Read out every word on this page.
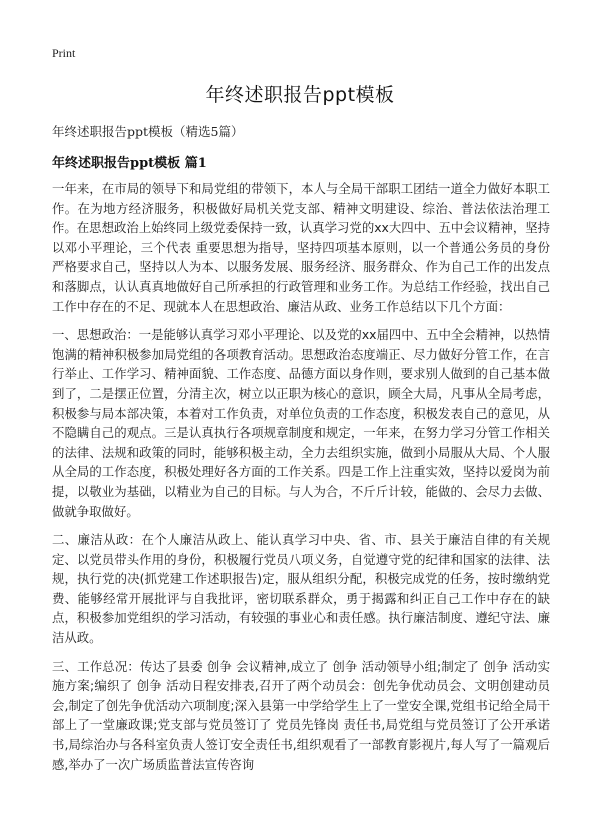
Print
年终述职报告ppt模板
年终述职报告ppt模板（精选5篇）
年终述职报告ppt模板 篇1

一年来，在市局的领导下和局党组的带领下，本人与全局干部职工团结一道全力做好本职工作。在为地方经济服务，积极做好局机关党支部、精神文明建设、综治、普法依法治理工作。在思想政治上始终同上级党委保持一致，认真学习党的xx大四中、五中会议精神，坚持以邓小平理论，三个代表 重要思想为指导，坚持四项基本原则，以一个普通公务员的身份严格要求自己，坚持以人为本、以服务发展、服务经济、服务群众、作为自己工作的出发点和落脚点，认认真真地做好自己所承担的行政管理和业务工作。为总结工作经验，找出自己工作中存在的不足、现就本人在思想政治、廉洁从政、业务工作总结以下几个方面：

一、思想政治：一是能够认真学习邓小平理论、以及党的xx届四中、五中全会精神，以热情饱满的精神积极参加局党组的各项教育活动。思想政治态度端正、尽力做好分管工作，在言行举止、工作学习、精神面貌、工作态度、品德方面以身作则，要求别人做到的自己基本做到了，二是摆正位置，分清主次，树立以正职为核心的意识，顾全大局，凡事从全局考虑，积极参与局本部决策，本着对工作负责，对单位负责的工作态度，积极发表自己的意见，从不隐瞒自己的观点。三是认真执行各项规章制度和规定，一年来，在努力学习分管工作相关的法律、法规和政策的同时，能够积极主动，全力去组织实施，做到小局服从大局、个人服从全局的工作态度，积极处理好各方面的工作关系。四是工作上注重实效，坚持以爱岗为前提，以敬业为基础，以精业为自己的目标。与人为合，不斤斤计较，能做的、会尽力去做、做就争取做好。

二、廉洁从政：在个人廉洁从政上、能认真学习中央、省、市、县关于廉洁自律的有关规定、以党员带头作用的身份，积极履行党员八项义务，自觉遵守党的纪律和国家的法律、法规，执行党的决(抓党建工作述职报告)定，服从组织分配，积极完成党的任务，按时缴纳党费、能够经常开展批评与自我批评，密切联系群众，勇于揭露和纠正自己工作中存在的缺点，积极参加党组织的学习活动，有较强的事业心和责任感。执行廉洁制度、遵纪守法、廉洁从政。

三、工作总况：传达了县委 创争 会议精神,成立了 创争 活动领导小组;制定了 创争 活动实施方案;编织了 创争 活动日程安排表,召开了两个动员会：创先争优动员会、文明创建动员会,制定了创先争优活动六项制度;深入县第一中学给学生上了一堂安全课,党组书记给全局干部上了一堂廉政课;党支部与党员签订了 党员先锋岗 责任书,局党组与党员签订了公开承诺书,局综治办与各科室负责人签订安全责任书,组织观看了一部教育影视片,每人写了一篇观后感,举办了一次广场质监普法宣传咨询
